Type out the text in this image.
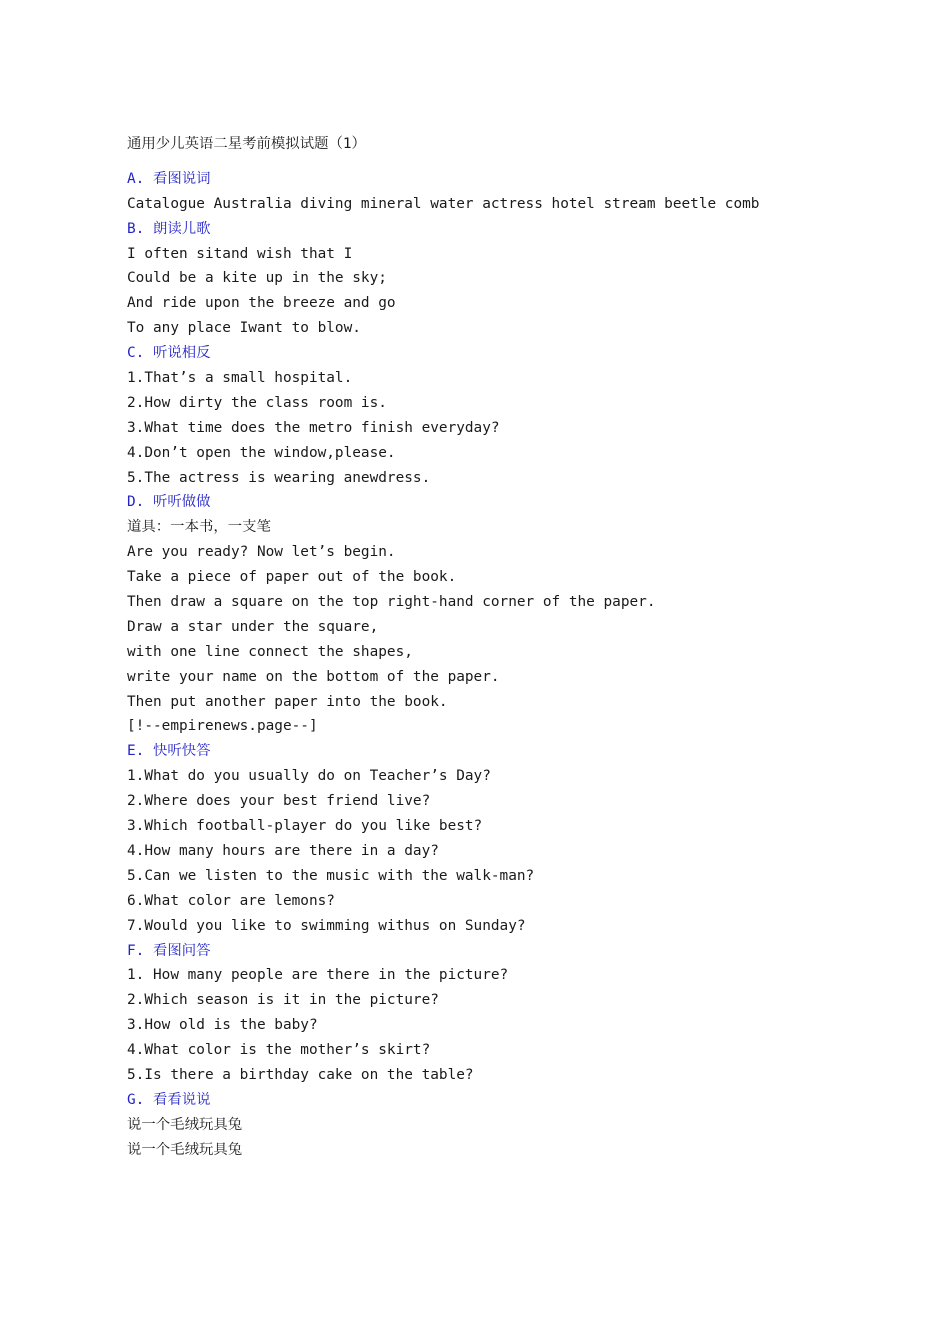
通用少儿英语二星考前模拟试题（1）
A. 看图说词
Catalogue Australia diving mineral water actress hotel stream beetle comb
B. 朗读儿歌
I often sitand wish that I
Could be a kite up in the sky;
And ride upon the breeze and go
To any place Iwant to blow.
C. 听说相反
1.That’s a small hospital.
2.How dirty the class room is.
3.What time does the metro finish everyday?
4.Don’t open the window,please.
5.The actress is wearing anewdress.
D. 听听做做
道具：一本书，一支笔
Are you ready? Now let’s begin.
Take a piece of paper out of the book.
Then draw a square on the top right-hand corner of the paper.
Draw a star under the square,
with one line connect the shapes,
write your name on the bottom of the paper.
Then put another paper into the book.
[!--empirenews.page--]
E. 快听快答
1.What do you usually do on Teacher’s Day?
2.Where does your best friend live?
3.Which football-player do you like best?
4.How many hours are there in a day?
5.Can we listen to the music with the walk-man?
6.What color are lemons?
7.Would you like to swimming withus on Sunday?
F. 看图问答
1. How many people are there in the picture?
2.Which season is it in the picture?
3.How old is the baby?
4.What color is the mother’s skirt?
5.Is there a birthday cake on the table?
G. 看看说说
说一个毛绒玩具兔
说一个毛绒玩具兔
